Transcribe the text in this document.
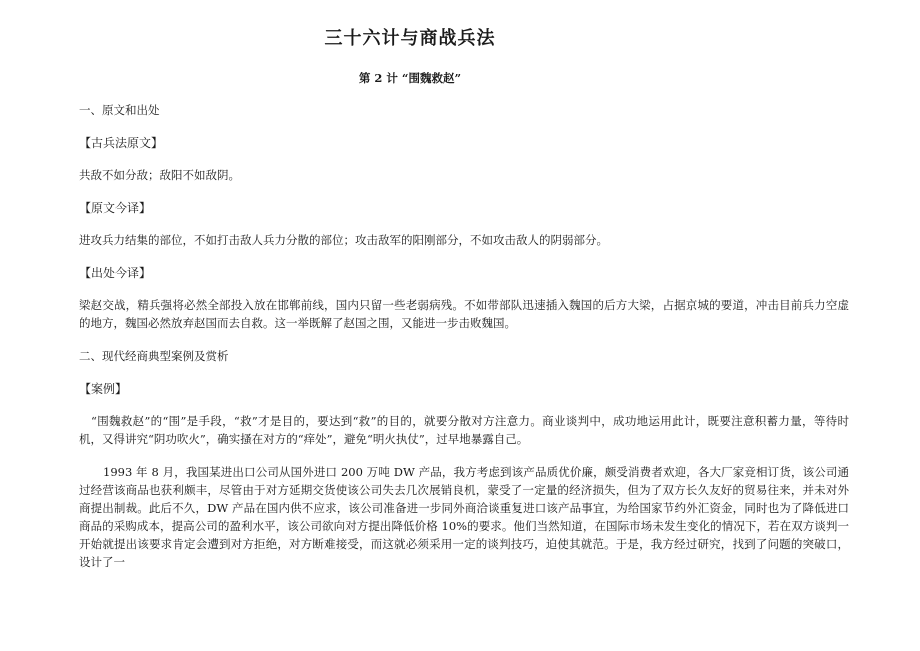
三十六计与商战兵法
第 2 计 “围魏救赵”
一、原文和出处
【古兵法原文】
共敌不如分敌；敌阳不如敌阴。
【原文今译】
进攻兵力结集的部位，不如打击敌人兵力分散的部位；攻击敌军的阳刚部分，不如攻击敌人的阴弱部分。
【出处今译】
梁赵交战，精兵强将必然全部投入放在邯郸前线，国内只留一些老弱病残。不如带部队迅速插入魏国的后方大梁，占据京城的要道，冲击目前兵力空虚的地方，魏国必然放弃赵国而去自救。这一举既解了赵国之围，又能进一步击败魏国。
二、现代经商典型案例及赏析
【案例】
“围魏救赵”的“围”是手段，“救”才是目的，要达到“救”的目的，就要分散对方注意力。商业谈判中，成功地运用此计，既要注意积蓄力量，等待时机，又得讲究“阴功吹火”，确实搔在对方的“痒处”，避免“明火执仗”，过早地暴露自己。
1993 年 8 月，我国某进出口公司从国外进口 200 万吨 DW 产品，我方考虑到该产品质优价廉，颇受消费者欢迎，各大厂家竞相订货，该公司通过经营该商品也获利颇丰，尽管由于对方延期交货使该公司失去几次展销良机，蒙受了一定量的经济损失，但为了双方长久友好的贸易往来，并未对外商提出制裁。此后不久，DW 产品在国内供不应求，该公司准备进一步同外商洽谈重复进口该产品事宜，为给国家节约外汇资金，同时也为了降低进口商品的采购成本，提高公司的盈利水平，该公司欲向对方提出降低价格 10%的要求。他们当然知道，在国际市场未发生变化的情况下，若在双方谈判一开始就提出该要求肯定会遭到对方拒绝，对方断难接受，而这就必须采用一定的谈判技巧，迫使其就范。于是，我方经过研究，找到了问题的突破口，设计了一
